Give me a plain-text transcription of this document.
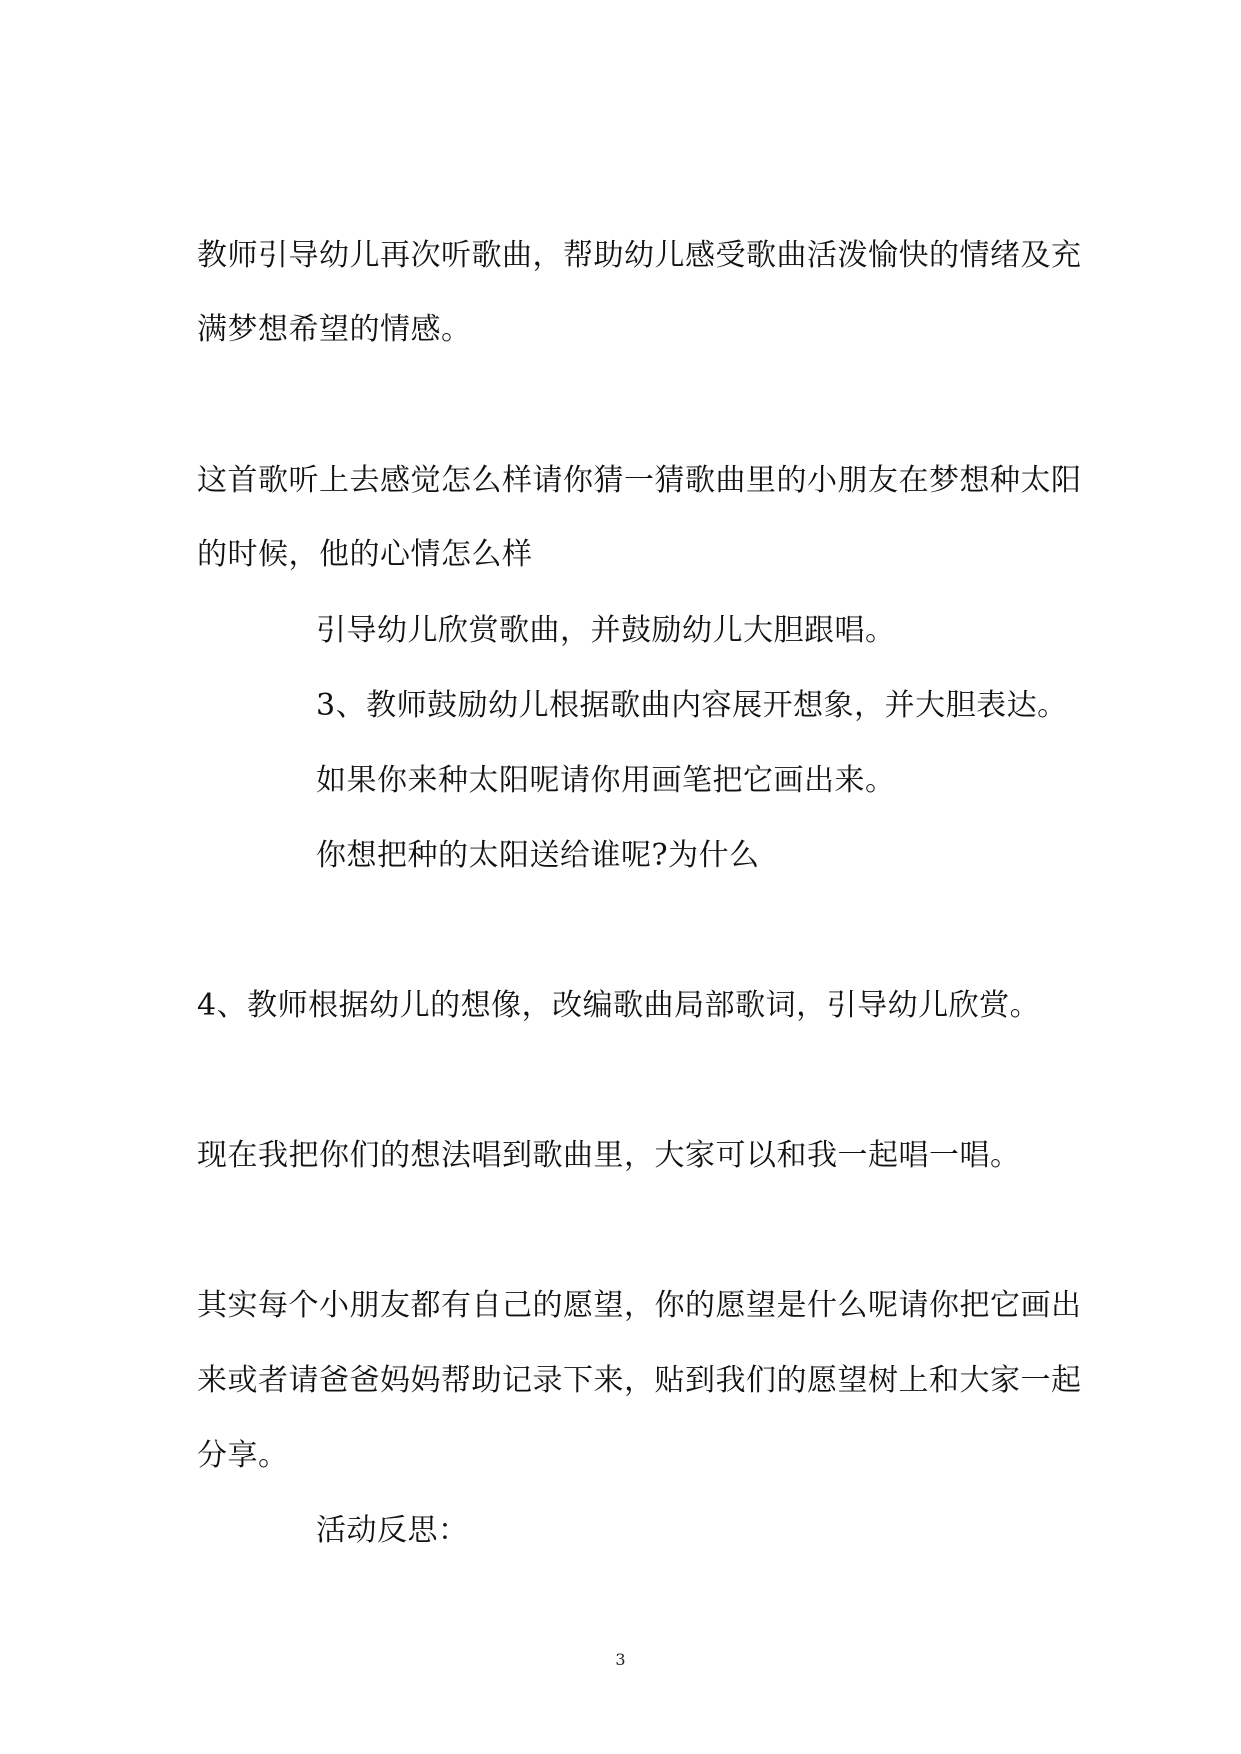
教师引导幼儿再次听歌曲，帮助幼儿感受歌曲活泼愉快的情绪及充
满梦想希望的情感。
这首歌听上去感觉怎么样请你猜一猜歌曲里的小朋友在梦想种太阳
的时候，他的心情怎么样
引导幼儿欣赏歌曲，并鼓励幼儿大胆跟唱。
3、教师鼓励幼儿根据歌曲内容展开想象，并大胆表达。
如果你来种太阳呢请你用画笔把它画出来。
你想把种的太阳送给谁呢?为什么
4、教师根据幼儿的想像，改编歌曲局部歌词，引导幼儿欣赏。
现在我把你们的想法唱到歌曲里，大家可以和我一起唱一唱。
其实每个小朋友都有自己的愿望，你的愿望是什么呢请你把它画出
来或者请爸爸妈妈帮助记录下来，贴到我们的愿望树上和大家一起
分享。
活动反思：
3
